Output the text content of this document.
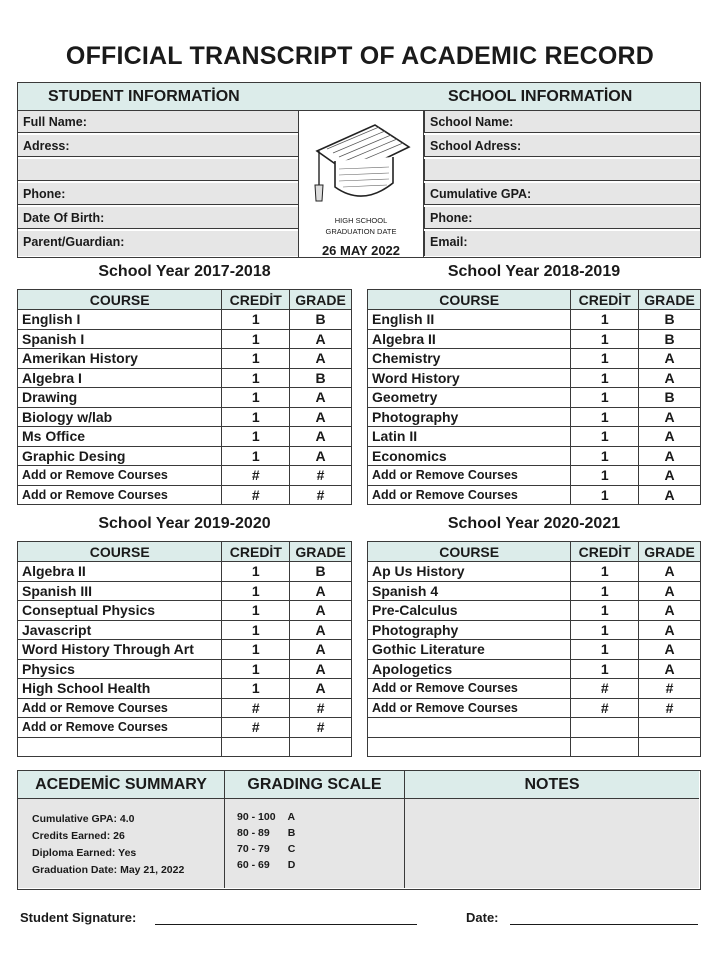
OFFICIAL TRANSCRIPT OF ACADEMIC RECORD
STUDENT INFORMATİON	SCHOOL INFORMATİON
Full Name:
Adress:
Phone:
Date Of Birth:
Parent/Guardian:
HIGH SCHOOL
GRADUATION DATE
26 MAY 2022
School Name:
School Adress:
Cumulative GPA:
Phone:
Email:
School Year 2017-2018	School Year 2018-2019
School Year 2019-2020	School Year 2020-2021
COURSE	CREDİT	GRADE
English I	1	B
Spanish I	1	A
Amerikan History	1	A
Algebra I	1	B
Drawing	1	A
Biology w/lab	1	A
Ms Office	1	A
Graphic Desing	1	A
Add or Remove Courses	#	#
Add or Remove Courses	#	#
COURSE	CREDİT	GRADE
English II	1	B
Algebra II	1	B
Chemistry	1	A
Word History	1	A
Geometry	1	B
Photography	1	A
Latin II	1	A
Economics	1	A
Add or Remove Courses	1	A
Add or Remove Courses	1	A
COURSE	CREDİT	GRADE
Algebra II	1	B
Spanish III	1	A
Conseptual Physics	1	A
Javascript	1	A
Word History Through Art	1	A
Physics	1	A
High School Health	1	A
Add or Remove Courses	#	#
Add or Remove Courses	#	#

COURSE	CREDİT	GRADE
Ap Us History	1	A
Spanish 4	1	A
Pre-Calculus	1	A
Photography	1	A
Gothic Literature	1	A
Apologetics	1	A
Add or Remove Courses	#	#
Add or Remove Courses	#	#

ACEDEMİC SUMMARY
Cumulative GPA: 4.0
Credits Earned: 26
Diploma Earned: Yes
Graduation Date: May 21, 2022
GRADING SCALE
90 - 100 A
80 - 89 B
70 - 79 C
60 - 69 D
NOTES
Student Signature:	Date:
